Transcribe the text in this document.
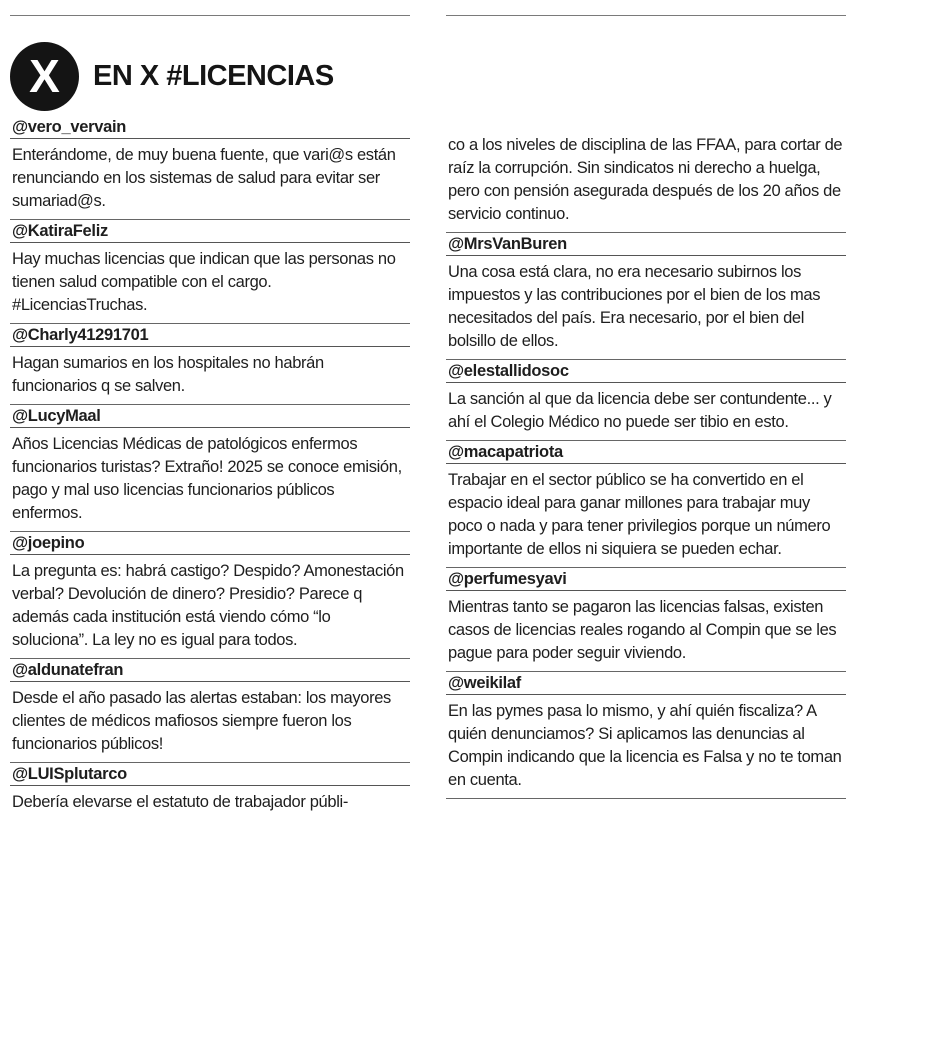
X EN X #LICENCIAS
@vero_vervain
Enterándome, de muy buena fuente, que vari@s están renunciando en los sistemas de salud para evitar ser sumariad@s.
@KatiraFeliz
Hay muchas licencias que indican que las personas no tienen salud compatible con el cargo. #LicenciasTruchas.
@Charly41291701
Hagan sumarios en los hospitales no habrán funcionarios q se salven.
@LucyMaal
Años Licencias Médicas de patológicos enfermos funcionarios turistas? Extraño! 2025 se conoce emisión, pago y mal uso licencias funcionarios públicos enfermos.
@joepino
La pregunta es: habrá castigo? Despido? Amonestación verbal? Devolución de dinero? Presidio? Parece q además cada institución está viendo cómo “lo soluciona”. La ley no es igual para todos.
@aldunatefran
Desde el año pasado las alertas estaban: los mayores clientes de médicos mafiosos siempre fueron los funcionarios públicos!
@LUISplutarco
Debería elevarse el estatuto de trabajador públi-
co a los niveles de disciplina de las FFAA, para cortar de raíz la corrupción. Sin sindicatos ni derecho a huelga, pero con pensión asegurada después de los 20 años de servicio continuo.
@MrsVanBuren
Una cosa está clara, no era necesario subirnos los impuestos y las contribuciones por el bien de los mas necesitados del país. Era necesario, por el bien del bolsillo de ellos.
@elestallidosoc
La sanción al que da licencia debe ser contundente... y ahí el Colegio Médico no puede ser tibio en esto.
@macapatriota
Trabajar en el sector público se ha convertido en el espacio ideal para ganar millones para trabajar muy poco o nada y para tener privilegios porque un número importante de ellos ni siquiera se pueden echar.
@perfumesyavi
Mientras tanto se pagaron las licencias falsas, existen casos de licencias reales rogando al Compin que se les pague para poder seguir viviendo.
@weikilaf
En las pymes pasa lo mismo, y ahí quién fiscaliza? A quién denunciamos? Si aplicamos las denuncias al Compin indicando que la licencia es Falsa y no te toman en cuenta.
